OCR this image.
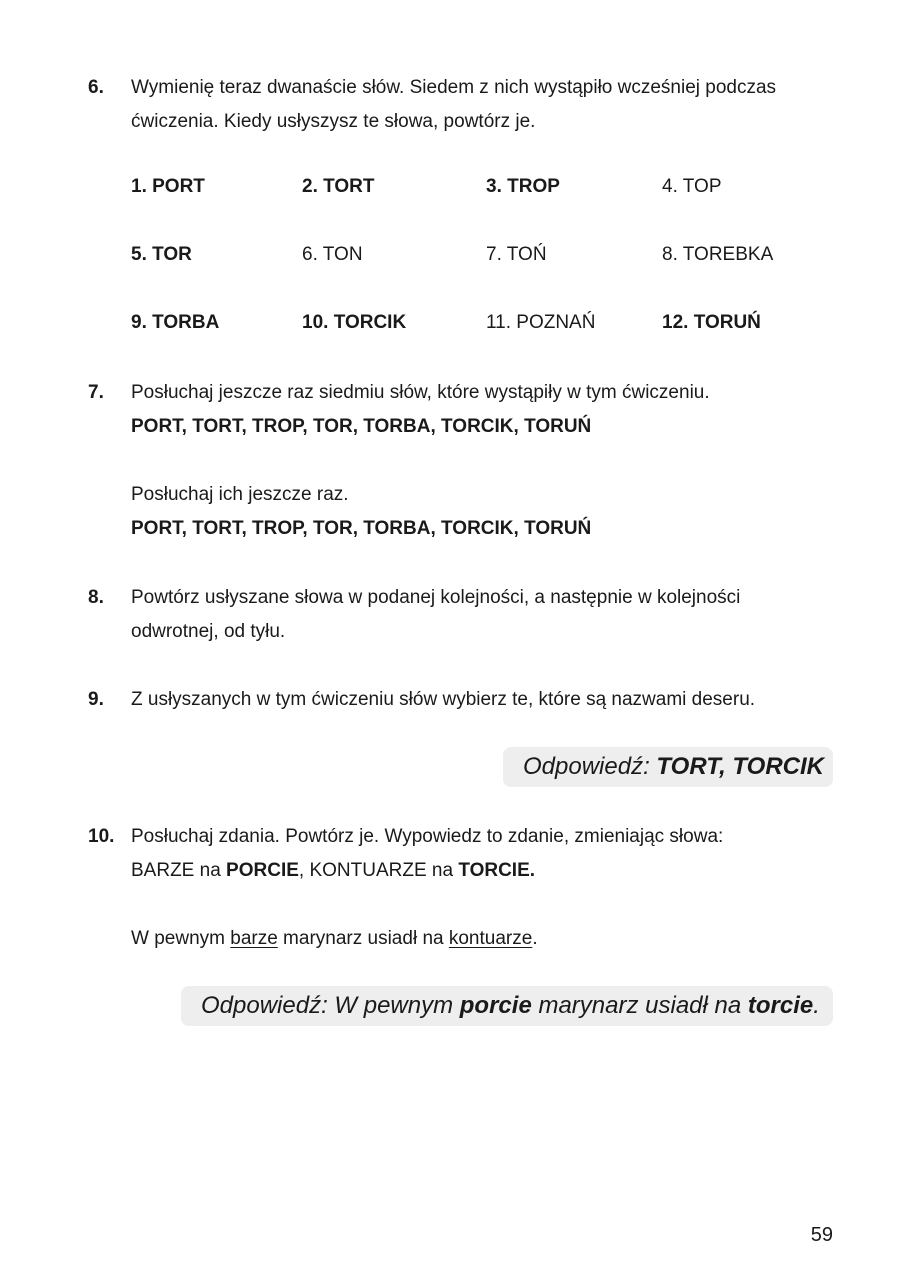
6. Wymienię teraz dwanaście słów. Siedem z nich wystąpiło wcześniej podczas

ćwiczenia. Kiedy usłyszysz te słowa, powtórz je.

1. PORT	2. TORT	3. TROP	4. TOP
5. TOR	6. TON	7. TOŃ	8. TOREBKA
9. TORBA	10. TORCIK	11. POZNAŃ	12. TORUŃ
7. Posłuchaj jeszcze raz siedmiu słów, które wystąpiły w tym ćwiczeniu.

PORT, TORT, TROP, TOR, TORBA, TORCIK, TORUŃ

Posłuchaj ich jeszcze raz.

PORT, TORT, TROP, TOR, TORBA, TORCIK, TORUŃ

8. Powtórz usłyszane słowa w podanej kolejności, a następnie w kolejności

odwrotnej, od tyłu.

9. Z usłyszanych w tym ćwiczeniu słów wybierz te, które są nazwami deseru.

Odpowiedź: TORT, TORCIK
10. Posłuchaj zdania. Powtórz je. Wypowiedz to zdanie, zmieniając słowa:

BARZE na PORCIE, KONTUARZE na TORCIE.

W pewnym barze marynarz usiadł na kontuarze.

Odpowiedź: W pewnym porcie marynarz usiadł na torcie.
59
